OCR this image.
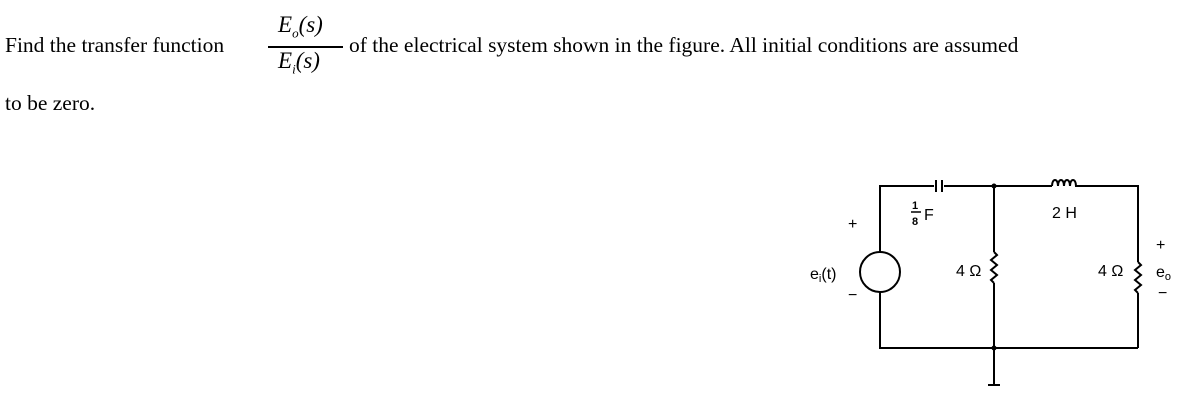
Find the transfer function
$E_o(s)$
$E_i(s)$
of the electrical system shown in the figure. All initial conditions are assumed
to be zero.
+
ei(t)
−
1
8 F	2 H
4 Ω	4 Ω
+
eo
−
